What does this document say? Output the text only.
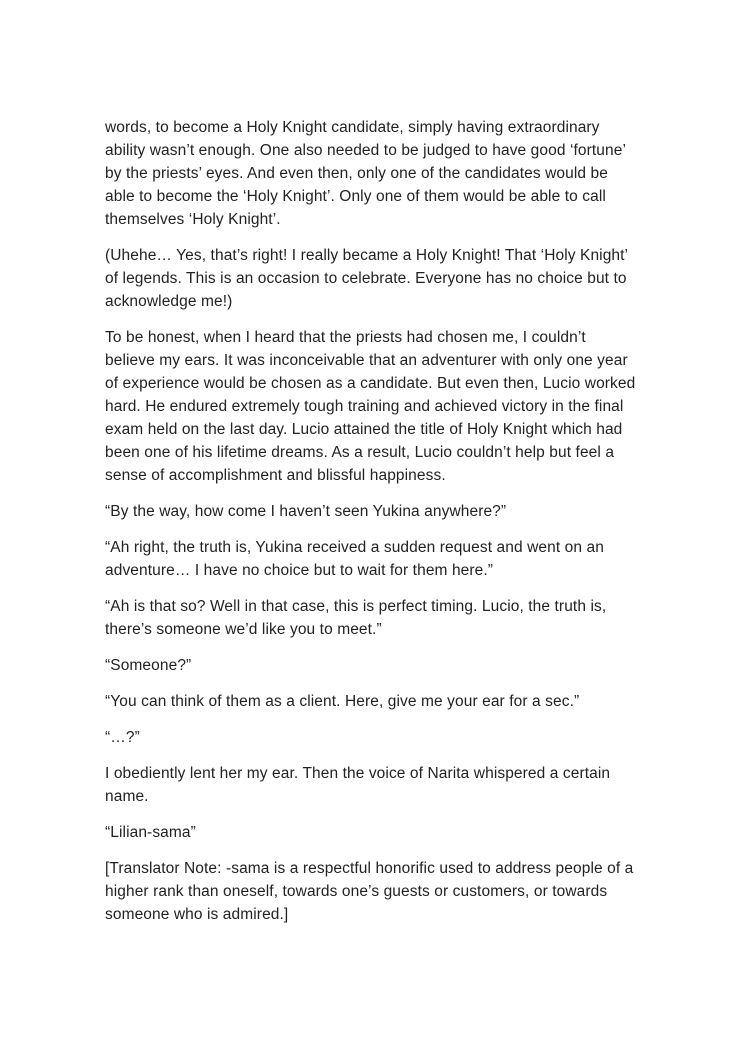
words, to become a Holy Knight candidate, simply having extraordinary ability wasn’t enough. One also needed to be judged to have good ‘fortune’ by the priests’ eyes. And even then, only one of the candidates would be able to become the ‘Holy Knight’. Only one of them would be able to call themselves ‘Holy Knight’.

(Uhehe… Yes, that’s right! I really became a Holy Knight! That ‘Holy Knight’ of legends. This is an occasion to celebrate. Everyone has no choice but to acknowledge me!)

To be honest, when I heard that the priests had chosen me, I couldn’t believe my ears. It was inconceivable that an adventurer with only one year of experience would be chosen as a candidate. But even then, Lucio worked hard. He endured extremely tough training and achieved victory in the final exam held on the last day. Lucio attained the title of Holy Knight which had been one of his lifetime dreams. As a result, Lucio couldn’t help but feel a sense of accomplishment and blissful happiness.

“By the way, how come I haven’t seen Yukina anywhere?”

“Ah right, the truth is, Yukina received a sudden request and went on an adventure… I have no choice but to wait for them here.”

“Ah is that so? Well in that case, this is perfect timing. Lucio, the truth is, there’s someone we’d like you to meet.”

“Someone?”

“You can think of them as a client. Here, give me your ear for a sec.”

“…?”

I obediently lent her my ear. Then the voice of Narita whispered a certain name.

“Lilian-sama”

[Translator Note: -sama is a respectful honorific used to address people of a higher rank than oneself, towards one’s guests or customers, or towards someone who is admired.]
